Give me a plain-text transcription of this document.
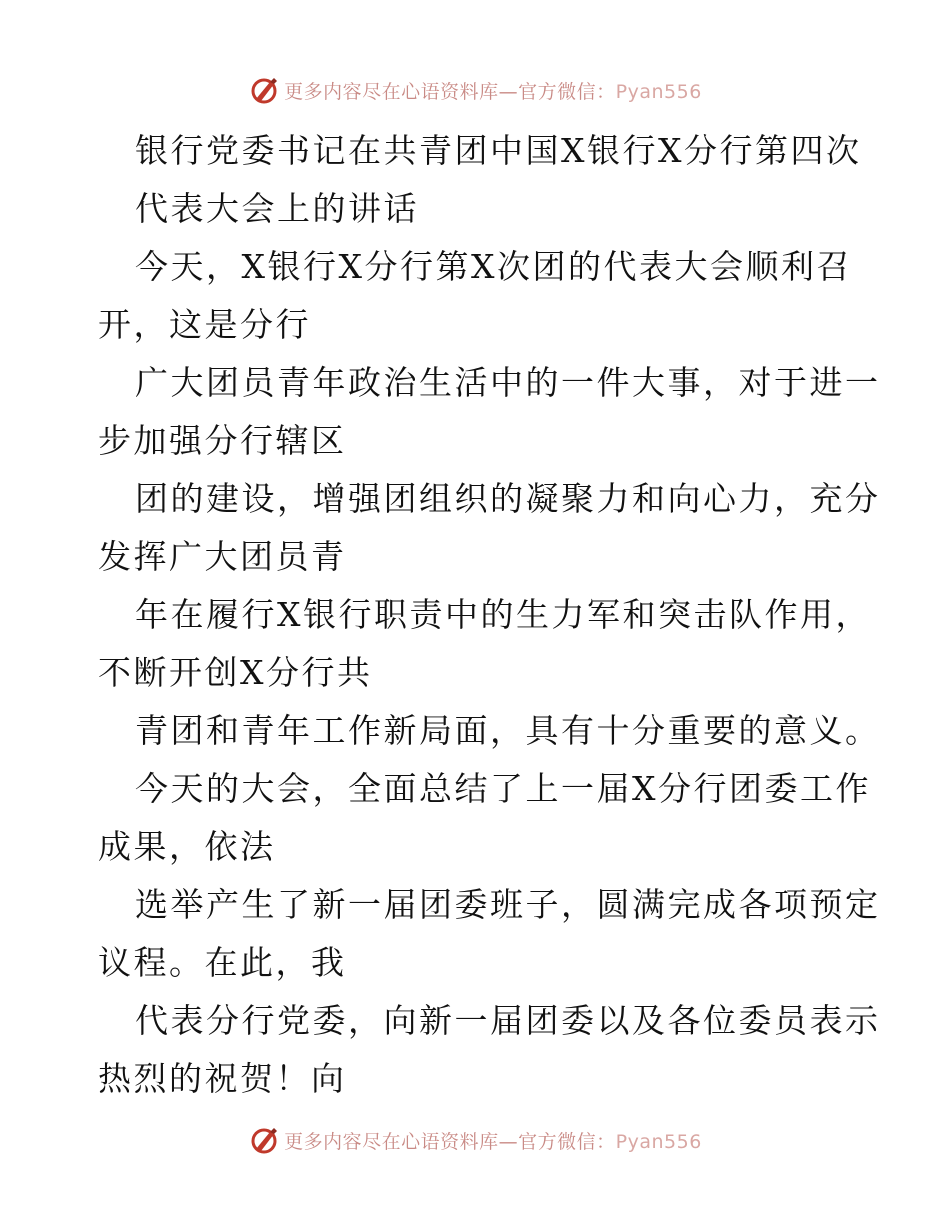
更多内容尽在心语资料库—官方微信：Pyan556
银行党委书记在共青团中国X银行X分行第四次
代表大会上的讲话
今天，X银行X分行第X次团的代表大会顺利召
开，这是分行
广大团员青年政治生活中的一件大事，对于进一
步加强分行辖区
团的建设，增强团组织的凝聚力和向心力，充分
发挥广大团员青
年在履行X银行职责中的生力军和突击队作用，
不断开创X分行共
青团和青年工作新局面，具有十分重要的意义。
今天的大会，全面总结了上一届X分行团委工作
成果，依法
选举产生了新一届团委班子，圆满完成各项预定
议程。在此，我
代表分行党委，向新一届团委以及各位委员表示
热烈的祝贺！向
更多内容尽在心语资料库—官方微信：Pyan556
